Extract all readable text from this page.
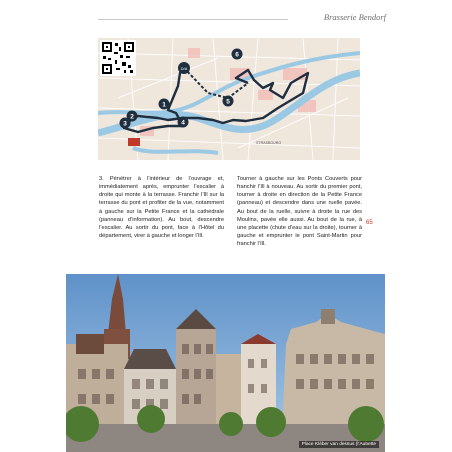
Brasserie Bendorf
D/A
1
2
3	4
5
6
STRASBOURG
3. Pénétrer à l’intérieur de l’ouvrage et, immédiatement après, emprunter l’escalier à droite qui monte à la terrasse. Franchir l’Ill sur la terrasse du pont et profiter de la vue, notamment à gauche sur la Petite France et la cathédrale (panneau d’information). Au bout, descendre l’escalier. Au sortir du pont, face à l’Hôtel du département, virer à gauche et longer l’Ill.
Tourner à gauche sur les Ponts Couverts pour franchir l’Ill à nouveau. Au sortir du premier pont, tourner à droite en direction de la Petite France (panneau) et descendre dans une ruelle pavée. Au bout de la ruelle, suivre à droite la rue des Moulins, pavée elle aussi. Au bout de la rue, à une placette (chute d’eau sur la droite), tourner à gauche et emprunter le pont Saint-Martin pour franchir l’Ill.
65
Place Kléber van dessus (l’Aubette
